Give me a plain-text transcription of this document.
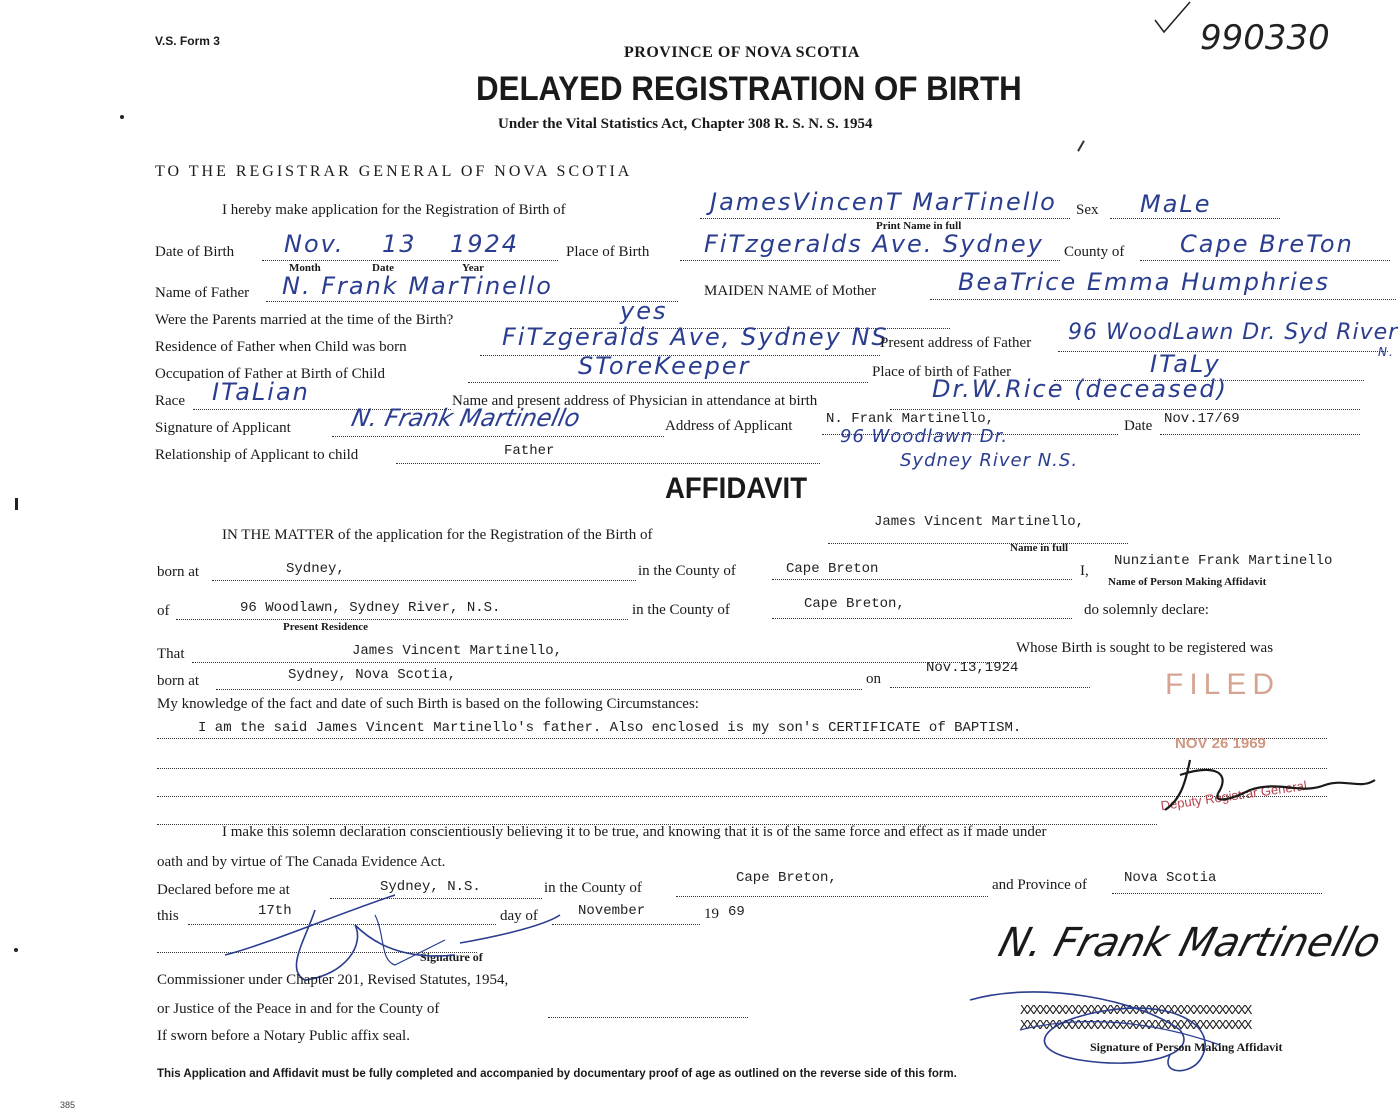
V.S. Form 3
PROVINCE OF NOVA SCOTIA
DELAYED REGISTRATION OF BIRTH
Under the Vital Statistics Act, Chapter 308 R. S. N. S. 1954
990330
TO THE REGISTRAR GENERAL OF NOVA SCOTIA
I hereby make application for the Registration of Birth of	JamesVincenT MarTinello
Print Name in full
Sex MaLe
Date of Birth Nov. 13 1924
Month	Date	Year
Place of Birth FiTzgeralds Ave. Sydney County of Cape BreTon
Name of Father N. Frank MarTinello	MAIDEN NAME of Mother	BeaTrice Emma Humphries
Were the Parents married at the time of the Birth?	yes
Residence of Father when Child was born	FiTzgeralds Ave, Sydney NS
Present address of Father 96 WoodLawn Dr. Syd River
N.
Occupation of Father at Birth of Child	SToreKeeper	Place of birth of Father	ITaLy
Race ITaLian	Name and present address of Physician in attendance at birth	Dr.W.Rice (deceased)
Signature of Applicant N. Frank Martinello	Address of Applicant N. Frank Martinello,
96 Woodlawn Dr.
Sydney River N.S.
Date Nov.17/69
Relationship of Applicant to child	Father
AFFIDAVIT
IN THE MATTER of the application for the Registration of the Birth of
James Vincent Martinello,
Name in full
born at	Sydney,	in the County of	Cape Breton	I,
Nunziante Frank Martinello
Name of Person Making Affidavit
of	96 Woodlawn, Sydney River, N.S.
Present Residence
in the County of	Cape Breton,	do solemnly declare:
That	James Vincent Martinello,	Whose Birth is sought to be registered was
born at	Sydney, Nova Scotia,	on
Nov.13,1924
My knowledge of the fact and date of such Birth is based on the following Circumstances:
I am the said James Vincent Martinello's father. Also enclosed is my son's CERTIFICATE of BAPTISM.
I make this solemn declaration conscientiously believing it to be true, and knowing that it is of the same force and effect as if made under
oath and by virtue of The Canada Evidence Act.
Declared before me at	Sydney, N.S.	in the County of
Cape Breton,	and Province of	Nova Scotia
this	17th	day of	November	19 69
Signature of
Commissioner under Chapter 201, Revised Statutes, 1954,
or Justice of the Peace in and for the County of
If sworn before a Notary Public affix seal.
N. Frank Martinello
XXXXXXXXXXXXXXXXXXXXXXXXXXXXXXXXXXXX
XXXXXXXXXXXXXXXXXXXXXXXXXXXXXXXXXXXX
Signature of Person Making Affidavit
FILED
NOV 26 1969
Deputy Registrar General
This Application and Affidavit must be fully completed and accompanied by documentary proof of age as outlined on the reverse side of this form.
385
